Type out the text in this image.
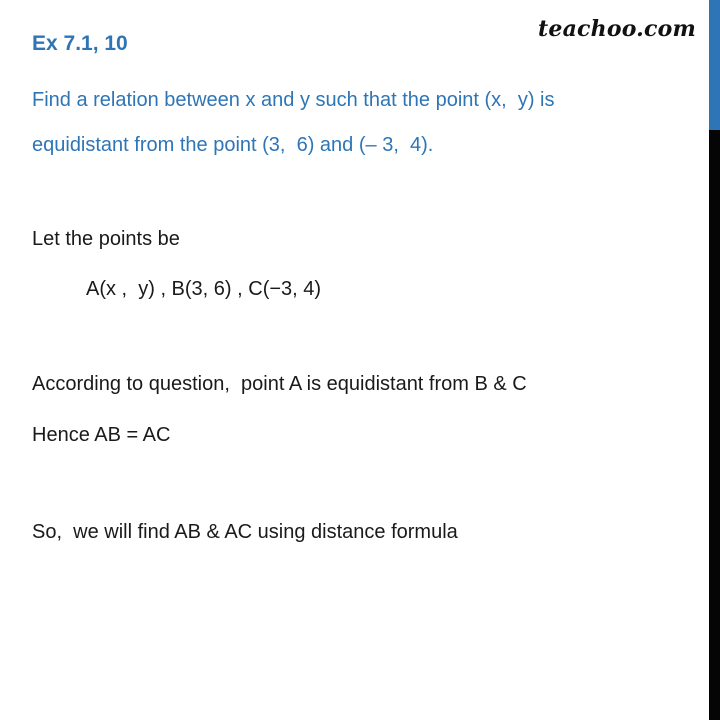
teachoo.com
Ex 7.1, 10
Find a relation between x and y such that the point (x,  y) is
equidistant from the point (3,  6) and (– 3,  4).
Let the points be
A(x ,  y) , B(3, 6) , C(−3, 4)
According to question,  point A is equidistant from B & C
Hence AB = AC
So,  we will find AB & AC using distance formula
